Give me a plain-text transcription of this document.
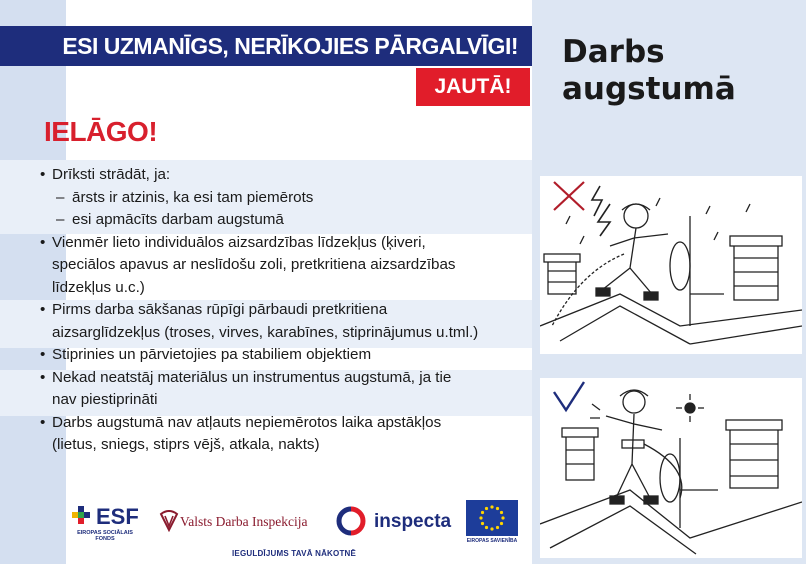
ESI UZMANĪGS, NERĪKOJIES PĀRGALVĪGI!
JAUTĀ!
IELĀGO!
• Drīksti strādāt, ja:
– ārsts ir atzinis, ka esi tam piemērots
– esi apmācīts darbam augstumā
• Vienmēr lieto individuālos aizsardzības līdzekļus (ķiveri,
speciālos apavus ar neslīdošu zoli, pretkritiena aizsardzības
līdzekļus u.c.)
• Pirms darba sākšanas rūpīgi pārbaudi pretkritiena
aizsarglīdzekļus (troses, virves, karabīnes, stiprinājumus u.tml.)
• Stiprinies un pārvietojies pa stabiliem objektiem
• Nekad neatstāj materiālus un instrumentus augstumā, ja tie
nav piestiprināti
• Darbs augstumā nav atļauts nepiemērotos laika apstākļos
(lietus, sniegs, stiprs vējš, atkala, nakts)
ESF
EIROPAS SOCIĀLAIS
FONDS
Valsts Darba Inspekcija	inspecta
EIROPAS SAVIENĪBA
IEGULDĪJUMS TAVĀ NĀKOTNĒ
Darbs
augstumā
